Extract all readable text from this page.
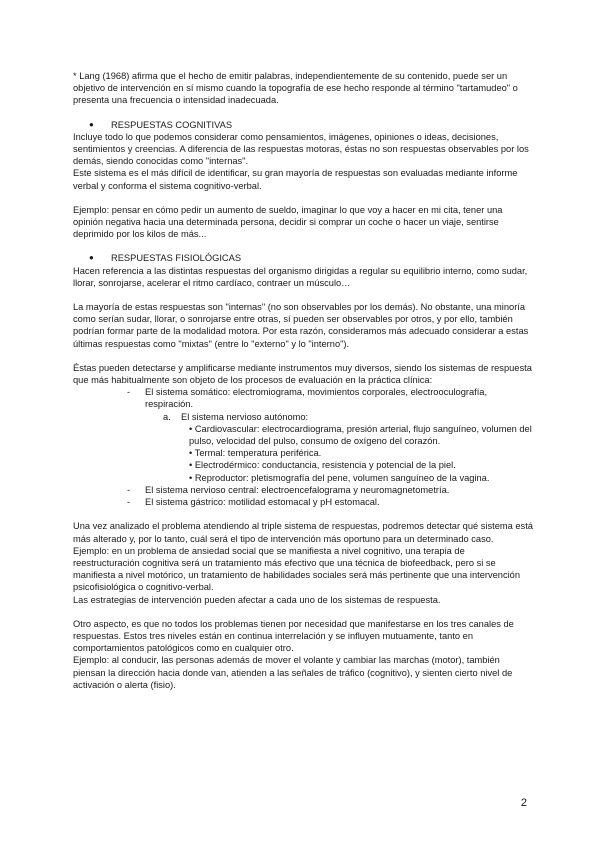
* Lang (1968) afirma que el hecho de emitir palabras, independientemente de su contenido, puede ser un objetivo de intervención en sí mismo cuando la topografía de ese hecho responde al término "tartamudeo" o presenta una frecuencia o intensidad inadecuada.

●	RESPUESTAS COGNITIVAS

Incluye todo lo que podemos considerar como pensamientos, imágenes, opiniones o ideas, decisiones, sentimientos y creencias. A diferencia de las respuestas motoras, éstas no son respuestas observables por los demás, siendo conocidas como "internas".

Este sistema es el más difícil de identificar, su gran mayoría de respuestas son evaluadas mediante informe verbal y conforma el sistema cognitivo-verbal.

Ejemplo: pensar en cómo pedir un aumento de sueldo, imaginar lo que voy a hacer en mi cita, tener una opinión negativa hacia una determinada persona, decidir si comprar un coche o hacer un viaje, sentirse deprimido por los kilos de más...

●	RESPUESTAS FISIOLÓGICAS

Hacen referencia a las distintas respuestas del organismo dirigidas a regular su equilibrio interno, como sudar, llorar, sonrojarse, acelerar el ritmo cardíaco, contraer un músculo…

La mayoría de estas respuestas son "internas" (no son observables por los demás). No obstante, una minoría como serían sudar, llorar, o sonrojarse entre otras, sí pueden ser observables por otros, y por ello, también podrían formar parte de la modalidad motora. Por esta razón, consideramos más adecuado considerar a estas últimas respuestas como "mixtas" (entre lo "externo" y lo "interno").

Éstas pueden detectarse y amplificarse mediante instrumentos muy diversos, siendo los sistemas de respuesta que más habitualmente son objeto de los procesos de evaluación en la práctica clínica:

- El sistema somático: electromiograma, movimientos corporales, electrooculografía, respiración.
a. El sistema nervioso autónomo:

• Cardiovascular: electrocardiograma, presión arterial, flujo sanguíneo, volumen del pulso, velocidad del pulso, consumo de oxígeno del corazón.

• Termal: temperatura periférica.

• Electrodérmico: conductancia, resistencia y potencial de la piel.

• Reproductor: pletismografía del pene, volumen sanguíneo de la vagina.

- El sistema nervioso central: electroencefalograma y neuromagnetometría.
- El sistema gástrico: motilidad estomacal y pH estomacal.

Una vez analizado el problema atendiendo al triple sistema de respuestas, podremos detectar qué sistema está más alterado y, por lo tanto, cuál será el tipo de intervención más oportuno para un determinado caso.

Ejemplo: en un problema de ansiedad social que se manifiesta a nivel cognitivo, una terapia de reestructuración cognitiva será un tratamiento más efectivo que una técnica de biofeedback, pero si se manifiesta a nivel motórico, un tratamiento de habilidades sociales será más pertinente que una intervención psicofisiológica o cognitivo-verbal.

Las estrategias de intervención pueden afectar a cada uno de los sistemas de respuesta.

Otro aspecto, es que no todos los problemas tienen por necesidad que manifestarse en los tres canales de respuestas. Estos tres niveles están en continua interrelación y se influyen mutuamente, tanto en comportamientos patológicos como en cualquier otro.

Ejemplo: al conducir, las personas además de mover el volante y cambiar las marchas (motor), también piensan la dirección hacia donde van, atienden a las señales de tráfico (cognitivo), y sienten cierto nivel de activación o alerta (fisio).

2
